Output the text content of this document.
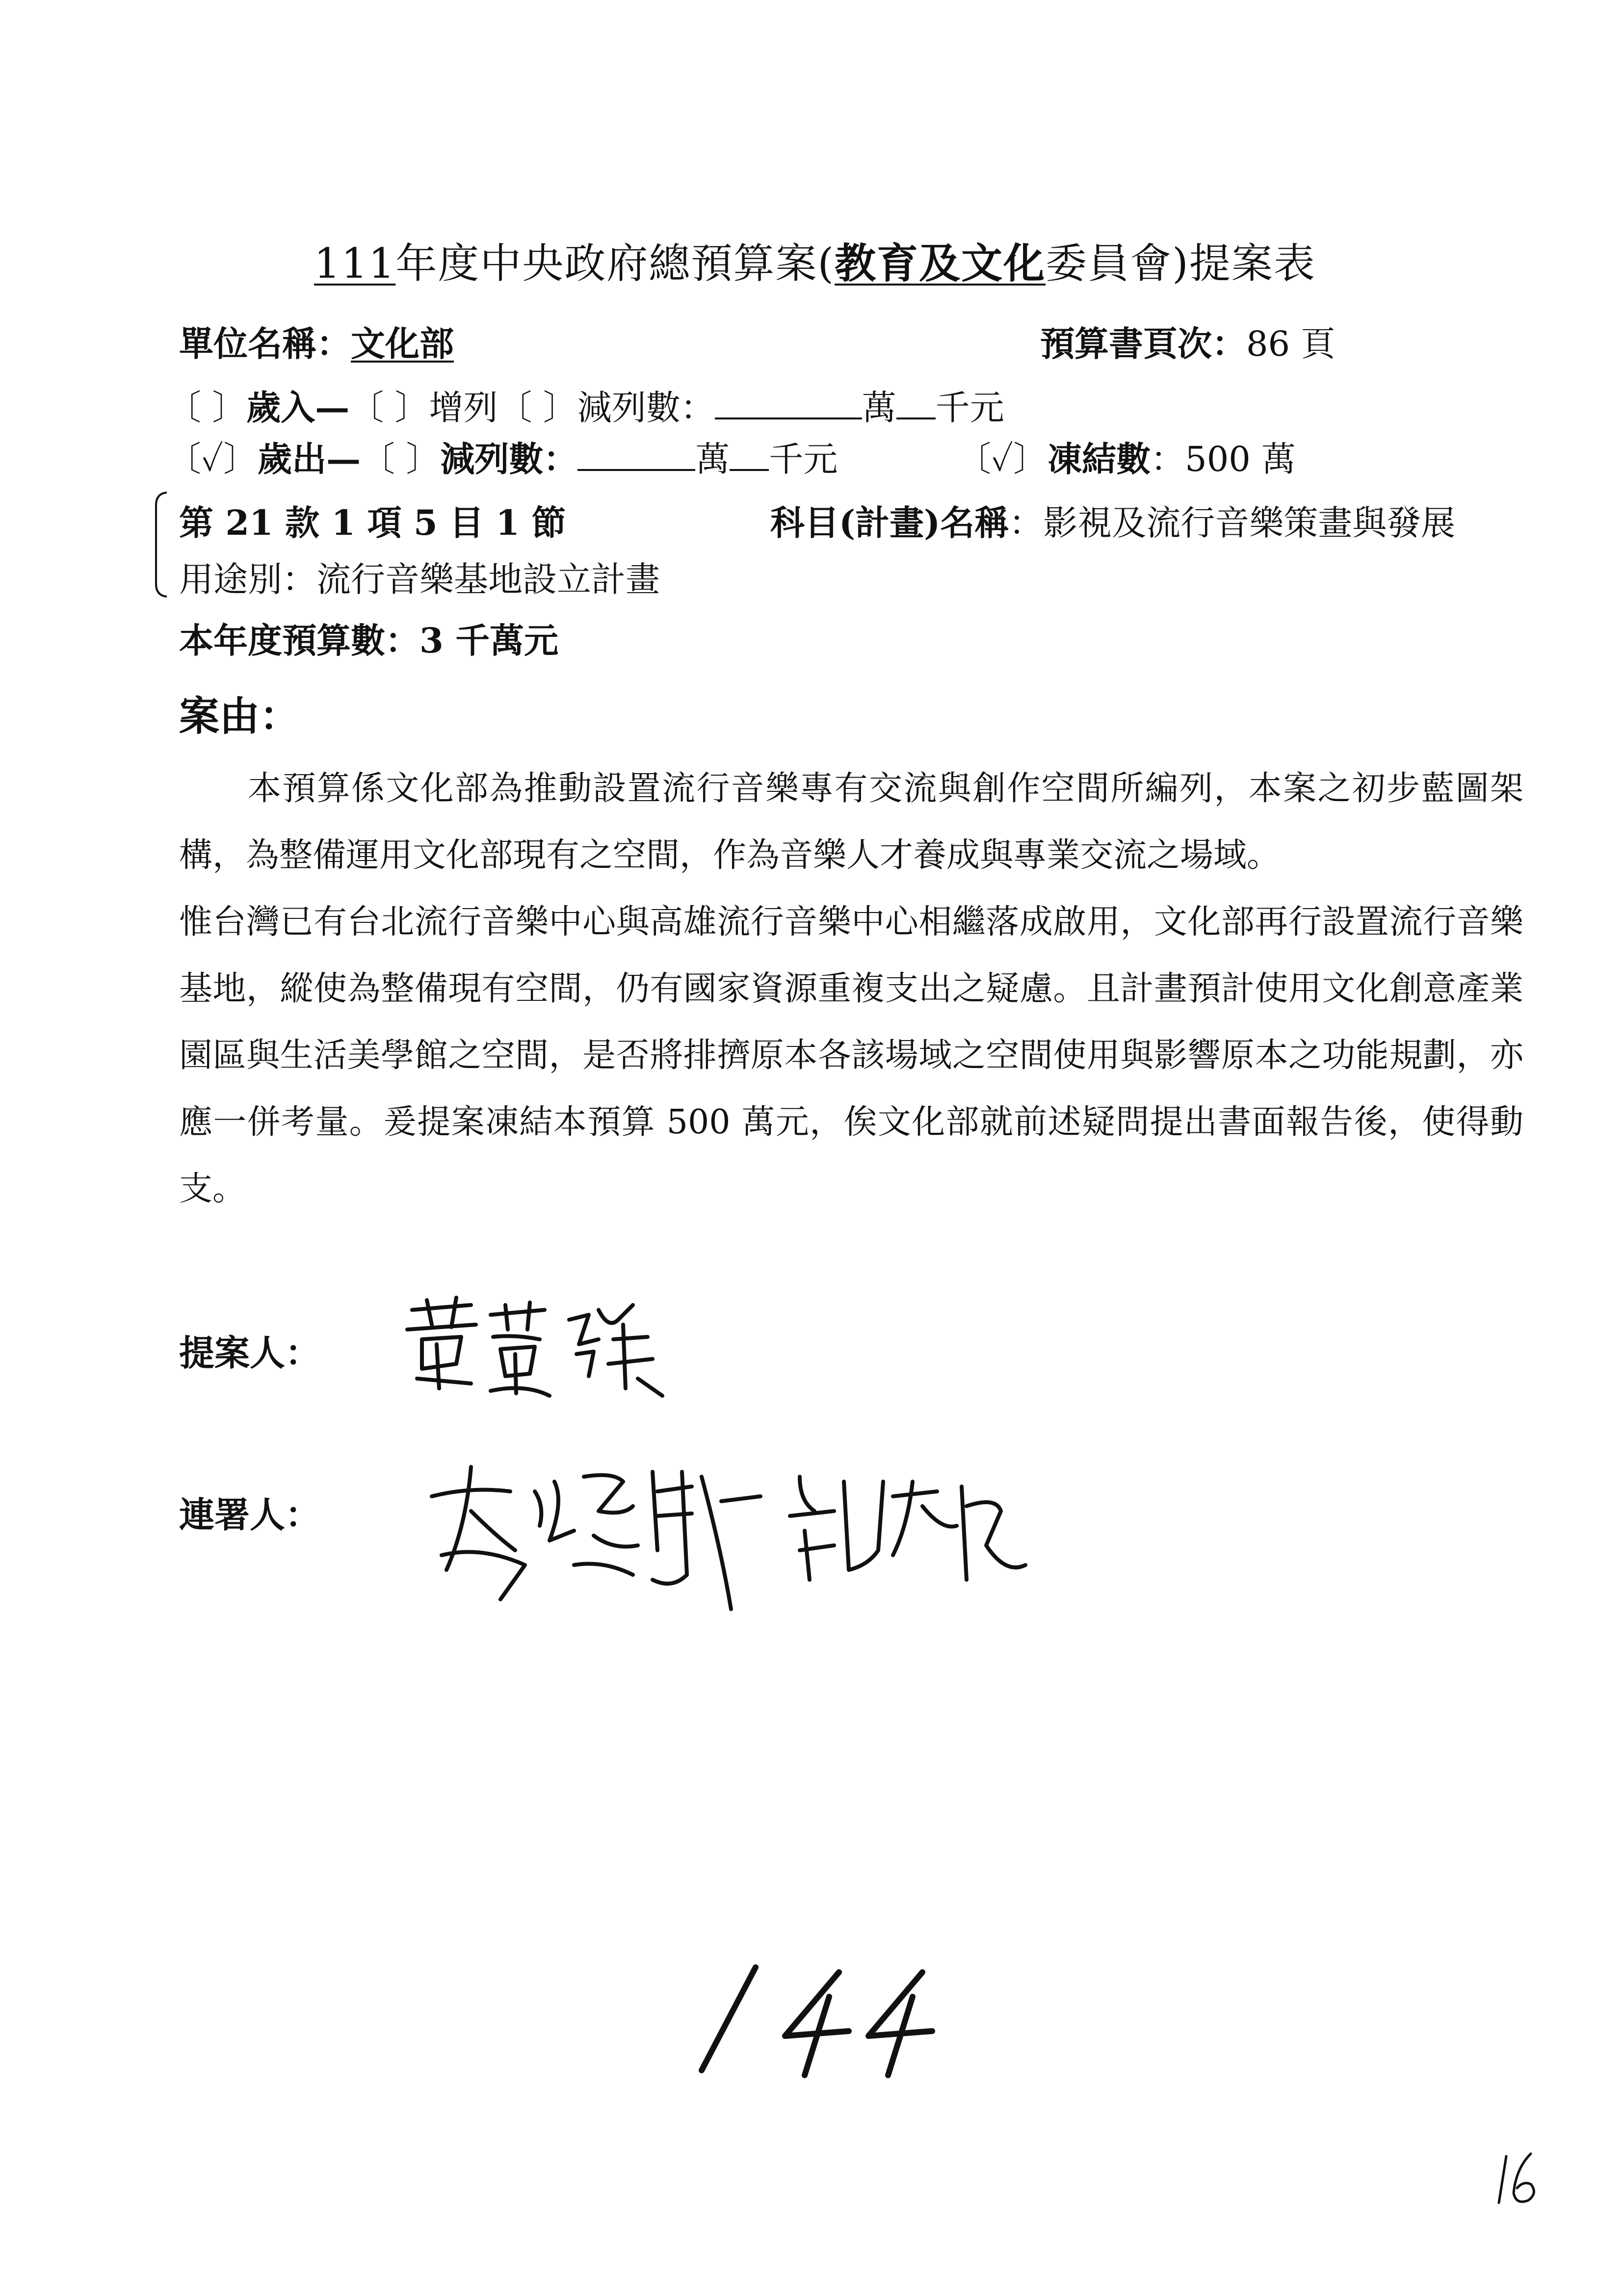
111年度中央政府總預算案(教育及文化委員會)提案表
單位名稱：文化部	預算書頁次：86 頁
〔 〕歲入—〔 〕增列〔 〕減列數：	萬 千元
〔✓〕歲出—〔 〕減列數：	萬 千元	〔✓〕凍結數：500 萬
第 21 款 1 項 5 目 1 節	科目(計畫)名稱：影視及流行音樂策畫與發展
用途別：流行音樂基地設立計畫
本年度預算數：3 千萬元
案由：

本預算係文化部為推動設置流行音樂專有交流與創作空間所編列，本案之初步藍圖架構，為整備運用文化部現有之空間，作為音樂人才養成與專業交流之場域。

惟台灣已有台北流行音樂中心與高雄流行音樂中心相繼落成啟用，文化部再行設置流行音樂基地，縱使為整備現有空間，仍有國家資源重複支出之疑慮。且計畫預計使用文化創意產業園區與生活美學館之空間，是否將排擠原本各該場域之空間使用與影響原本之功能規劃，亦應一併考量。爰提案凍結本預算 500 萬元，俟文化部就前述疑問提出書面報告後，使得動支。

提案人：
連署人：
144
16
